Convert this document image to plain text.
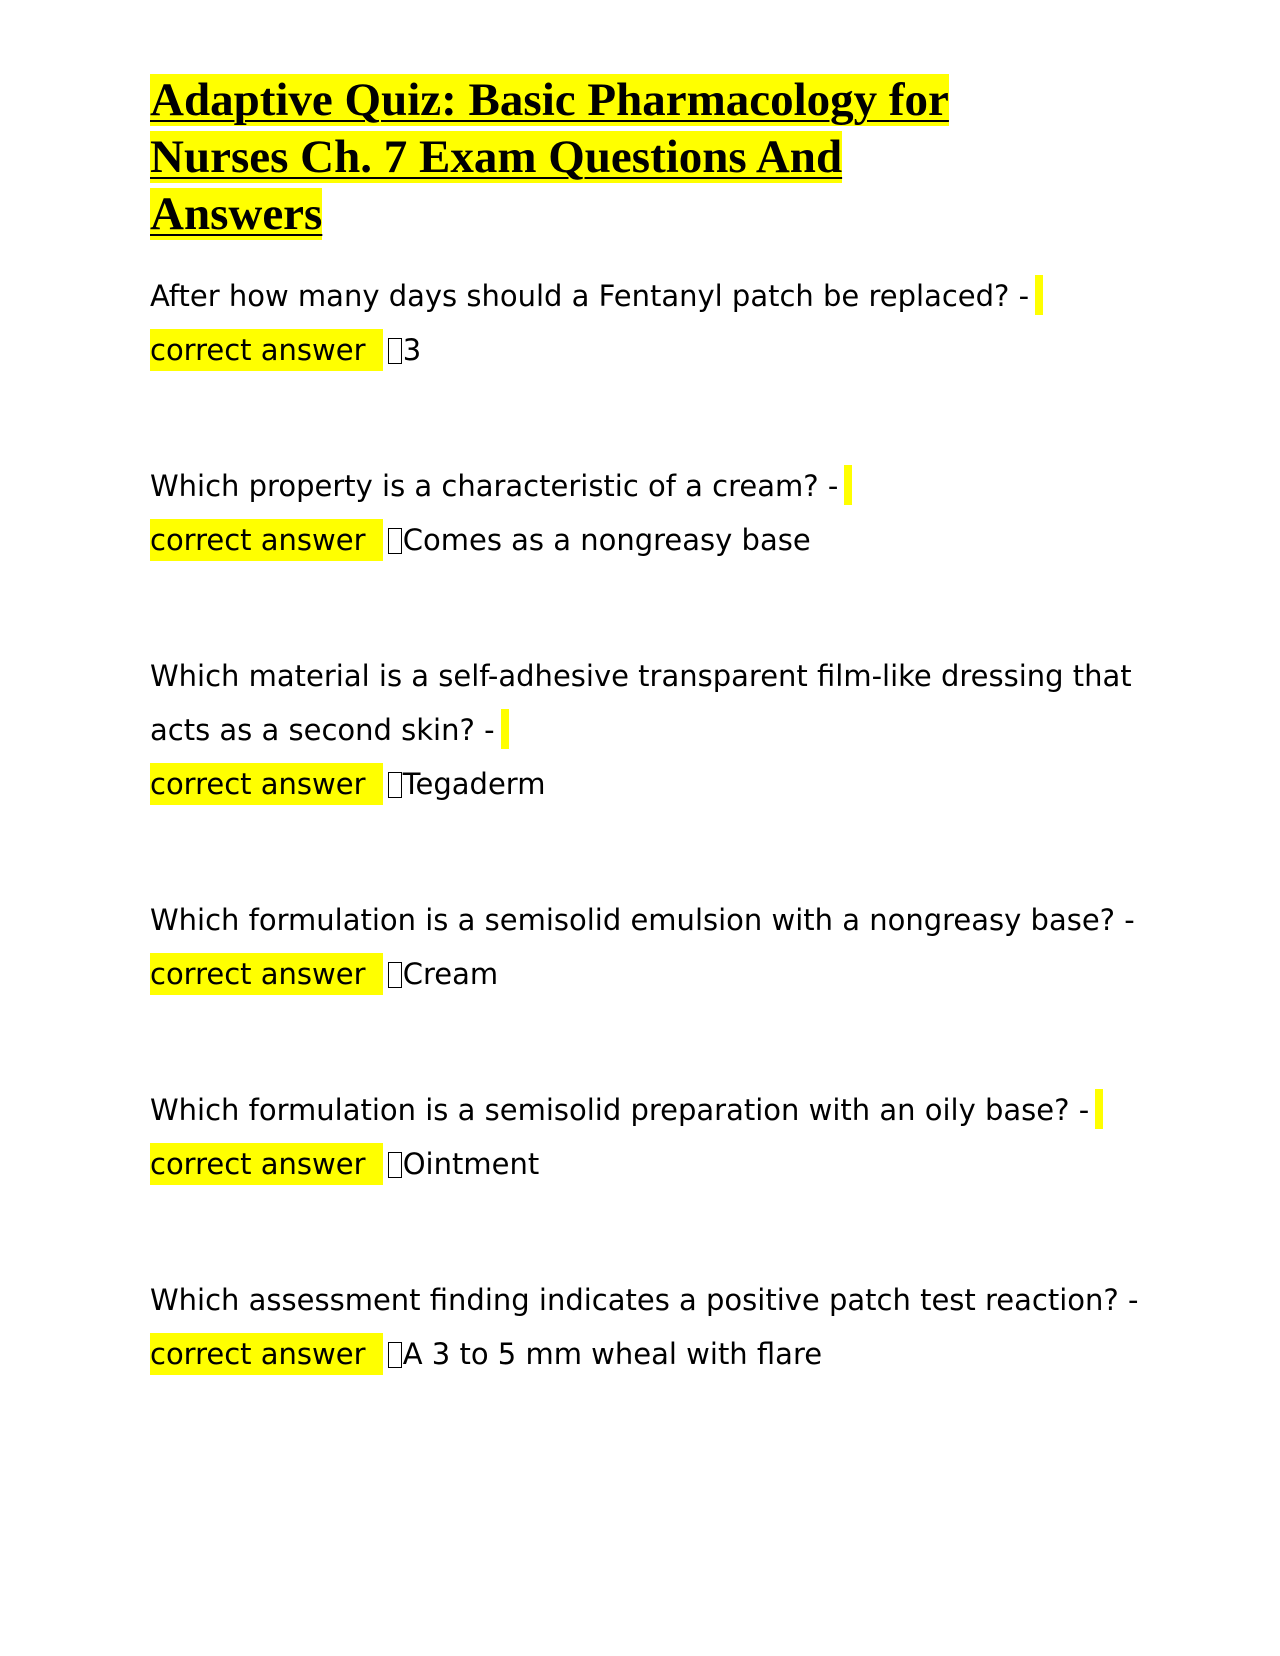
Adaptive Quiz: Basic Pharmacology for
Nurses Ch. 7 Exam Questions And
Answers
After how many days should a Fentanyl patch be replaced? -
correct answer 3
Which property is a characteristic of a cream? -
correct answer Comes as a nongreasy base
Which material is a self-adhesive transparent film-like dressing that acts as a second skin? -
correct answer Tegaderm
Which formulation is a semisolid emulsion with a nongreasy base? -
correct answer Cream
Which formulation is a semisolid preparation with an oily base? -
correct answer Ointment
Which assessment finding indicates a positive patch test reaction? -
correct answer A 3 to 5 mm wheal with flare
